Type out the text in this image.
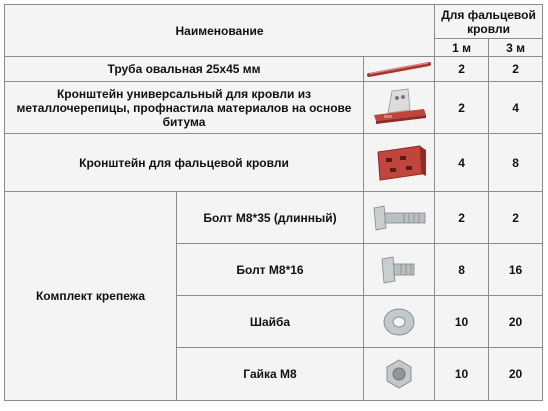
Наименование			Для фальцевой кровли	
			1 м	3 м
Труба овальная 25х45 мм			2	2
Кронштейн универсальный для кровли из металлочерепицы, профнастила материалов на основе битума			2	4
Кронштейн для фальцевой кровли			4	8
Комплект крепежа	Болт М8*35 (длинный)		2	2
	Болт М8*16		8	16
	Шайба		10	20
	Гайка М8		10	20
